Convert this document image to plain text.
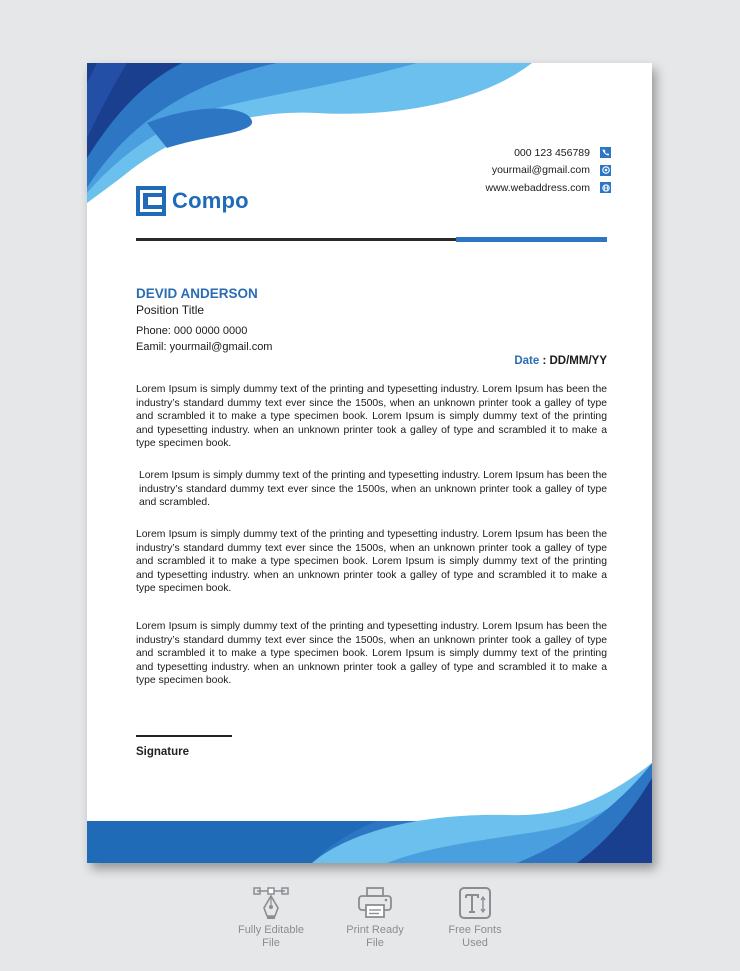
Compo
000 123 456789
yourmail@gmail.com
www.webaddress.com
DEVID ANDERSON
Position Title
Phone: 000 0000 0000
Eamil: yourmail@gmail.com
Date : DD/MM/YY

Lorem Ipsum is simply dummy text of the printing and typesetting industry. Lorem Ipsum has been the industry’s standard dummy text ever since the 1500s, when an unknown printer took a galley of type and scrambled it to make a type specimen book. Lorem Ipsum is simply dummy text of the printing and typesetting industry. when an unknown printer took a galley of type and scrambled it to make a type specimen book.

Lorem Ipsum is simply dummy text of the printing and typesetting industry. Lorem Ipsum has been the industry’s standard dummy text ever since the 1500s, when an unknown printer took a galley of type and scrambled.

Lorem Ipsum is simply dummy text of the printing and typesetting industry. Lorem Ipsum has been the industry’s standard dummy text ever since the 1500s, when an unknown printer took a galley of type and scrambled it to make a type specimen book. Lorem Ipsum is simply dummy text of the printing and typesetting industry. when an unknown printer took a galley of type and scrambled it to make a type specimen book.

Lorem Ipsum is simply dummy text of the printing and typesetting industry. Lorem Ipsum has been the industry’s standard dummy text ever since the 1500s, when an unknown printer took a galley of type and scrambled it to make a type specimen book. Lorem Ipsum is simply dummy text of the printing and typesetting industry. when an unknown printer took a galley of type and scrambled it to make a type specimen book.

Signature
Fully Editable
File
Print Ready
File
Free Fonts
Used
